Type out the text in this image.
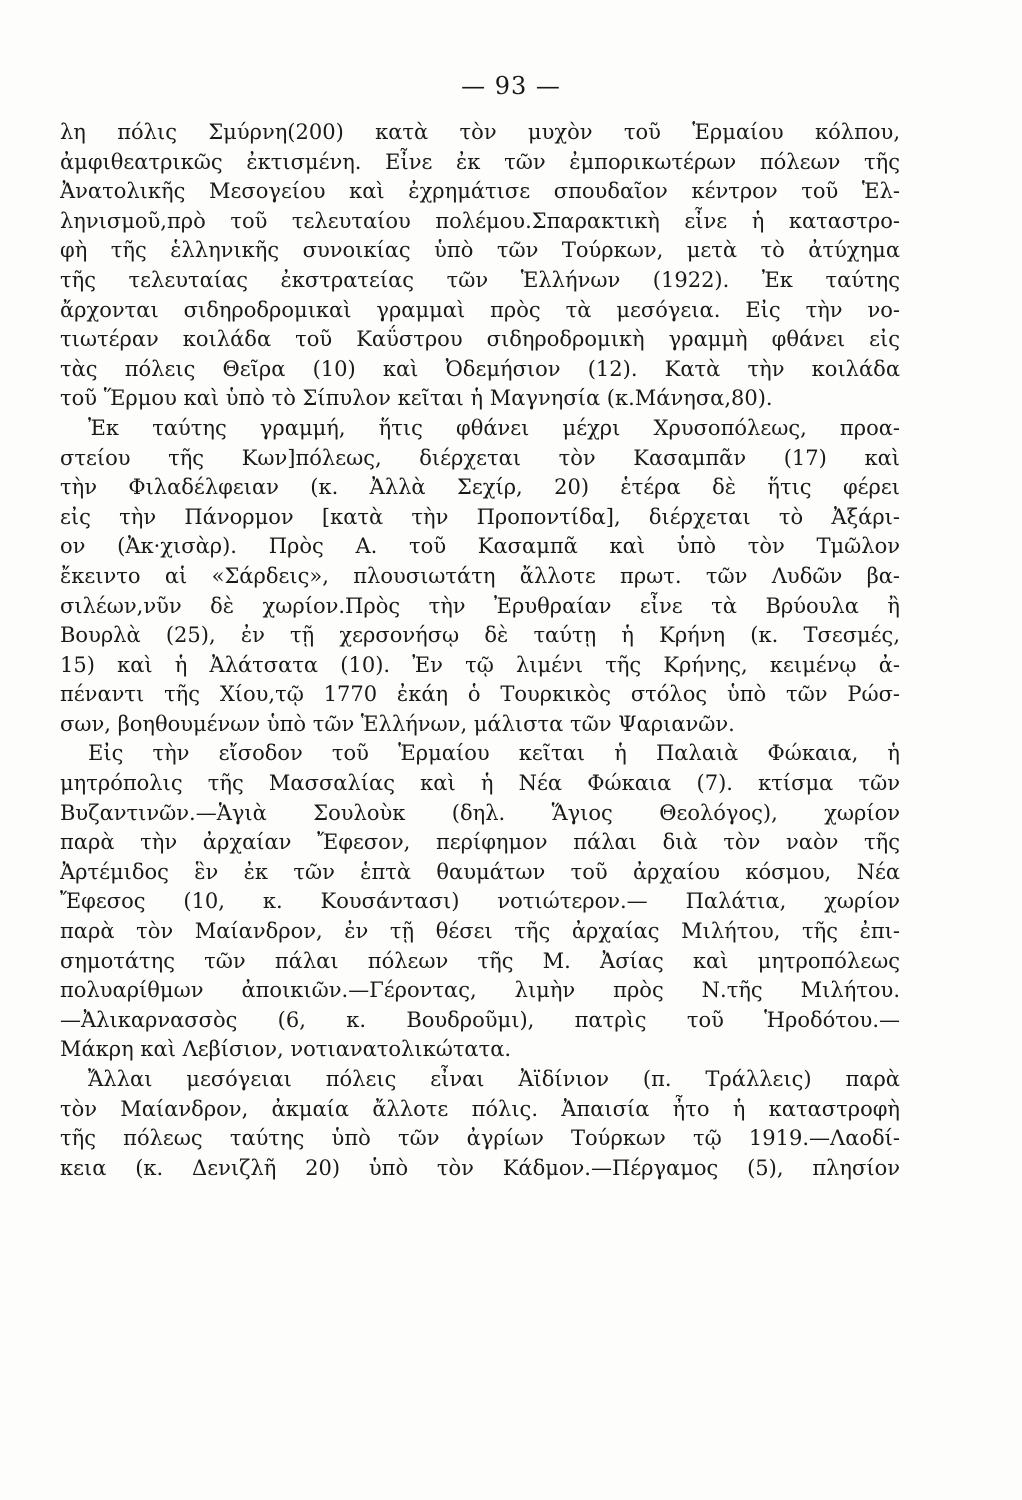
— 93 —
λη πόλις Σμύρνη(200) κατὰ τὸν μυχὸν τοῦ Ἑρμαίου κόλπου,
ἀμφιθεατρικῶς ἐκτισμένη. Εἶνε ἐκ τῶν ἐμπορικωτέρων πόλεων τῆς
Ἀνατολικῆς Μεσογείου καὶ ἐχρημάτισε σπουδαῖον κέντρον τοῦ Ἑλ-
ληνισμοῦ,πρὸ τοῦ τελευταίου πολέμου.Σπαρακτικὴ εἶνε ἡ καταστρο-
φὴ τῆς ἑλληνικῆς συνοικίας ὑπὸ τῶν Τούρκων, μετὰ τὸ ἀτύχημα
τῆς τελευταίας ἐκστρατείας τῶν Ἑλλήνων (1922). Ἐκ ταύτης
ἄρχονται σιδηροδρομικαὶ γραμμαὶ πρὸς τὰ μεσόγεια. Εἰς τὴν νο-
τιωτέραν κοιλάδα τοῦ Καΰστρου σιδηροδρομικὴ γραμμὴ φθάνει εἰς
τὰς πόλεις Θεῖρα (10) καὶ Ὀδεμήσιον (12). Κατὰ τὴν κοιλάδα
τοῦ Ἕρμου καὶ ὑπὸ τὸ Σίπυλον κεῖται ἡ Μαγνησία (κ.Μάνησα,80).
Ἐκ ταύτης γραμμή, ἥτις φθάνει μέχρι Χρυσοπόλεως, προα-
στείου τῆς Κων]πόλεως, διέρχεται τὸν Κασαμπᾶν (17) καὶ
τὴν Φιλαδέλφειαν (κ. Ἀλλὰ Σεχίρ, 20) ἑτέρα δὲ ἥτις φέρει
εἰς τὴν Πάνορμον [κατὰ τὴν Προποντίδα], διέρχεται τὸ Ἀξάρι-
ον (Ἀκ·χισὰρ). Πρὸς Α. τοῦ Κασαμπᾶ καὶ ὑπὸ τὸν Τμῶλον
ἔκειντο αἱ «Σάρδεις», πλουσιωτάτη ἄλλοτε πρωτ. τῶν Λυδῶν βα-
σιλέων,νῦν δὲ χωρίον.Πρὸς τὴν Ἐρυθραίαν εἶνε τὰ Βρύουλα ἢ
Βουρλὰ (25), ἐν τῇ χερσονήσῳ δὲ ταύτῃ ἡ Κρήνη (κ. Τσεσμές,
15) καὶ ἡ Ἀλάτσατα (10). Ἐν τῷ λιμένι τῆς Κρήνης, κειμένῳ ἀ-
πέναντι τῆς Χίου,τῷ 1770 ἐκάη ὁ Τουρκικὸς στόλος ὑπὸ τῶν Ρώσ-
σων, βοηθουμένων ὑπὸ τῶν Ἑλλήνων, μάλιστα τῶν Ψαριανῶν.
Εἰς τὴν εἴσοδον τοῦ Ἑρμαίου κεῖται ἡ Παλαιὰ Φώκαια, ἡ
μητρόπολις τῆς Μασσαλίας καὶ ἡ Νέα Φώκαια (7). κτίσμα τῶν
Βυζαντινῶν.—Ἁγιὰ Σουλοὺκ (δηλ. Ἅγιος Θεολόγος), χωρίον
παρὰ τὴν ἀρχαίαν Ἔφεσον, περίφημον πάλαι διὰ τὸν ναὸν τῆς
Ἀρτέμιδος ἓν ἐκ τῶν ἑπτὰ θαυμάτων τοῦ ἀρχαίου κόσμου, Νέα
Ἔφεσος (10, κ. Κουσάντασι) νοτιώτερον.— Παλάτια, χωρίον
παρὰ τὸν Μαίανδρον, ἐν τῇ θέσει τῆς ἀρχαίας Μιλήτου, τῆς ἐπι-
σημοτάτης τῶν πάλαι πόλεων τῆς Μ. Ἀσίας καὶ μητροπόλεως
πολυαρίθμων ἀποικιῶν.—Γέροντας, λιμὴν πρὸς Ν.τῆς Μιλήτου.
—Ἀλικαρνασσὸς (6, κ. Βουδροῦμι), πατρὶς τοῦ Ἡροδότου.—
Μάκρη καὶ Λεβίσιον, νοτιανατολικώτατα.
Ἄλλαι μεσόγειαι πόλεις εἶναι Ἀϊδίνιον (π. Τράλλεις) παρὰ
τὸν Μαίανδρον, ἀκμαία ἄλλοτε πόλις. Ἀπαισία ἦτο ἡ καταστροφὴ
τῆς πόλεως ταύτης ὑπὸ τῶν ἀγρίων Τούρκων τῷ 1919.—Λαοδί-
κεια (κ. Δενιζλῆ 20) ὑπὸ τὸν Κάδμον.—Πέργαμος (5), πλησίον
